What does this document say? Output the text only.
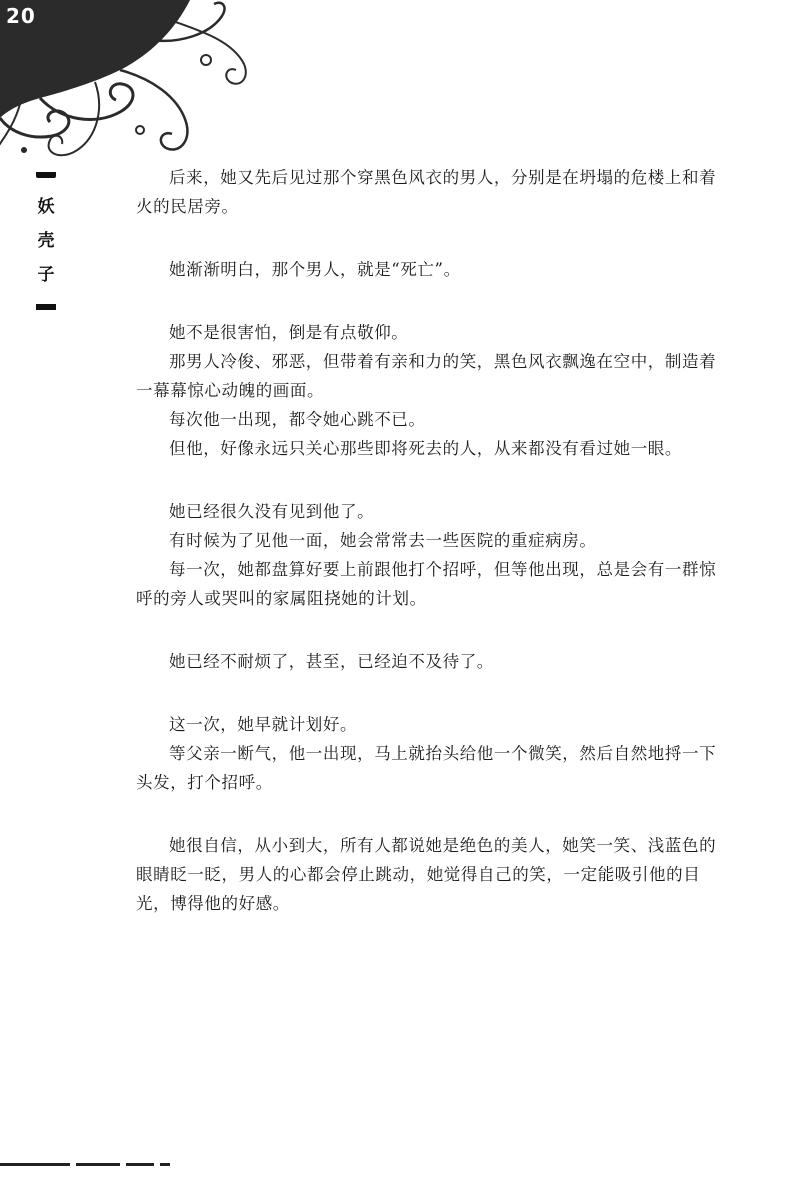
20
妖
壳
子

后来，她又先后见过那个穿黑色风衣的男人，分别是在坍塌的危楼上和着火的民居旁。

她渐渐明白，那个男人，就是“死亡”。

她不是很害怕，倒是有点敬仰。

那男人冷俊、邪恶，但带着有亲和力的笑，黑色风衣飘逸在空中，制造着一幕幕惊心动魄的画面。

每次他一出现，都令她心跳不已。

但他，好像永远只关心那些即将死去的人，从来都没有看过她一眼。

她已经很久没有见到他了。

有时候为了见他一面，她会常常去一些医院的重症病房。

每一次，她都盘算好要上前跟他打个招呼，但等他出现，总是会有一群惊呼的旁人或哭叫的家属阻挠她的计划。

她已经不耐烦了，甚至，已经迫不及待了。

这一次，她早就计划好。

等父亲一断气，他一出现，马上就抬头给他一个微笑，然后自然地捋一下头发，打个招呼。

她很自信，从小到大，所有人都说她是绝色的美人，她笑一笑、浅蓝色的眼睛眨一眨，男人的心都会停止跳动，她觉得自己的笑，一定能吸引他的目光，博得他的好感。
